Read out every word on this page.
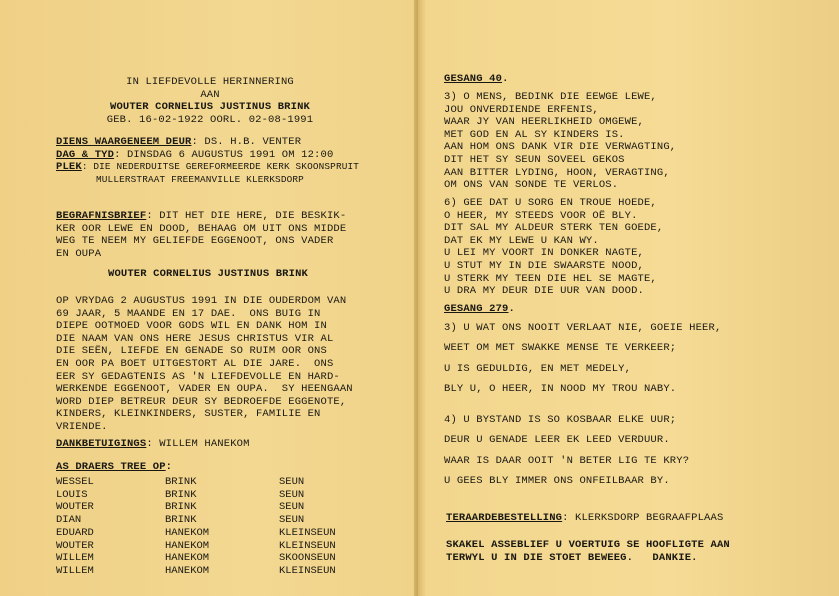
IN LIEFDEVOLLE HERINNERING
AAN
WOUTER CORNELIUS JUSTINUS BRINK
GEB. 16-02-1922 OORL. 02-08-1991
DIENS WAARGENEEM DEUR: DS. H.B. VENTER
DAG & TYD: DINSDAG 6 AUGUSTUS 1991 OM 12:00
PLEK: DIE NEDERDUITSE GEREFORMEERDE KERK SKOONSPRUIT
MULLERSTRAAT FREEMANVILLE KLERKSDORP
BEGRAFNISBRIEF: DIT HET DIE HERE, DIE BESKIK-
KER OOR LEWE EN DOOD, BEHAAG OM UIT ONS MIDDE
WEG TE NEEM MY GELIEFDE EGGENOOT, ONS VADER
EN OUPA
WOUTER CORNELIUS JUSTINUS BRINK
OP VRYDAG 2 AUGUSTUS 1991 IN DIE OUDERDOM VAN
69 JAAR, 5 MAANDE EN 17 DAE.  ONS BUIG IN
DIEPE OOTMOED VOOR GODS WIL EN DANK HOM IN
DIE NAAM VAN ONS HERE JESUS CHRISTUS VIR AL
DIE SEËN, LIEFDE EN GENADE SO RUIM OOR ONS
EN OOR PA BOET UITGESTORT AL DIE JARE.  ONS
EER SY GEDAGTENIS AS 'N LIEFDEVOLLE EN HARD-
WERKENDE EGGENOOT, VADER EN OUPA.  SY HEENGAAN
WORD DIEP BETREUR DEUR SY BEDROEFDE EGGENOTE,
KINDERS, KLEINKINDERS, SUSTER, FAMILIE EN
VRIENDE.
DANKBETUIGINGS: WILLEM HANEKOM
AS DRAERS TREE OP:
WESSEL	BRINK	SEUN
LOUIS	BRINK	SEUN
WOUTER	BRINK	SEUN
DIAN	BRINK	SEUN
EDUARD	HANEKOM	KLEINSEUN
WOUTER	HANEKOM	KLEINSEUN
WILLEM	HANEKOM	SKOONSEUN
WILLEM	HANEKOM	KLEINSEUN
GESANG 40.
3) O MENS, BEDINK DIE EEWGE LEWE,
JOU ONVERDIENDE ERFENIS,
WAAR JY VAN HEERLIKHEID OMGEWE,
MET GOD EN AL SY KINDERS IS.
AAN HOM ONS DANK VIR DIE VERWAGTING,
DIT HET SY SEUN SOVEEL GEKOS
AAN BITTER LYDING, HOON, VERAGTING,
OM ONS VAN SONDE TE VERLOS.
6) GEE DAT U SORG EN TROUE HOEDE,
O HEER, MY STEEDS VOOR OË BLY.
DIT SAL MY ALDEUR STERK TEN GOEDE,
DAT EK MY LEWE U KAN WY.
U LEI MY VOORT IN DONKER NAGTE,
U STUT MY IN DIE SWAARSTE NOOD,
U STERK MY TEEN DIE HEL SE MAGTE,
U DRA MY DEUR DIE UUR VAN DOOD.
GESANG 279.
3) U WAT ONS NOOIT VERLAAT NIE, GOEIE HEER,
WEET OM MET SWAKKE MENSE TE VERKEER;
U IS GEDULDIG, EN MET MEDELY,
BLY U, O HEER, IN NOOD MY TROU NABY.
4) U BYSTAND IS SO KOSBAAR ELKE UUR;
DEUR U GENADE LEER EK LEED VERDUUR.
WAAR IS DAAR OOIT 'N BETER LIG TE KRY?
U GEES BLY IMMER ONS ONFEILBAAR BY.
TERAARDEBESTELLING: KLERKSDORP BEGRAAFPLAAS
SKAKEL ASSEBLIEF U VOERTUIG SE HOOFLIGTE AAN
TERWYL U IN DIE STOET BEWEEG.   DANKIE.
